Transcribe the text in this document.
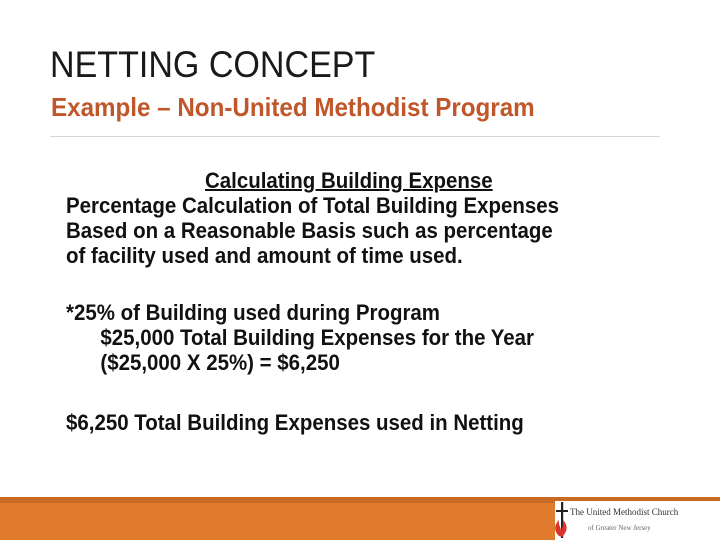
NETTING CONCEPT
Example – Non-United Methodist Program
Calculating Building Expense
Percentage Calculation of Total Building Expenses
Based on a Reasonable Basis such as percentage
of facility used and amount of time used.
*25% of Building used during Program
$25,000 Total Building Expenses for the Year
($25,000 X 25%) = $6,250
$6,250 Total Building Expenses used in Netting
The United Methodist Church
of Greater New Jersey
